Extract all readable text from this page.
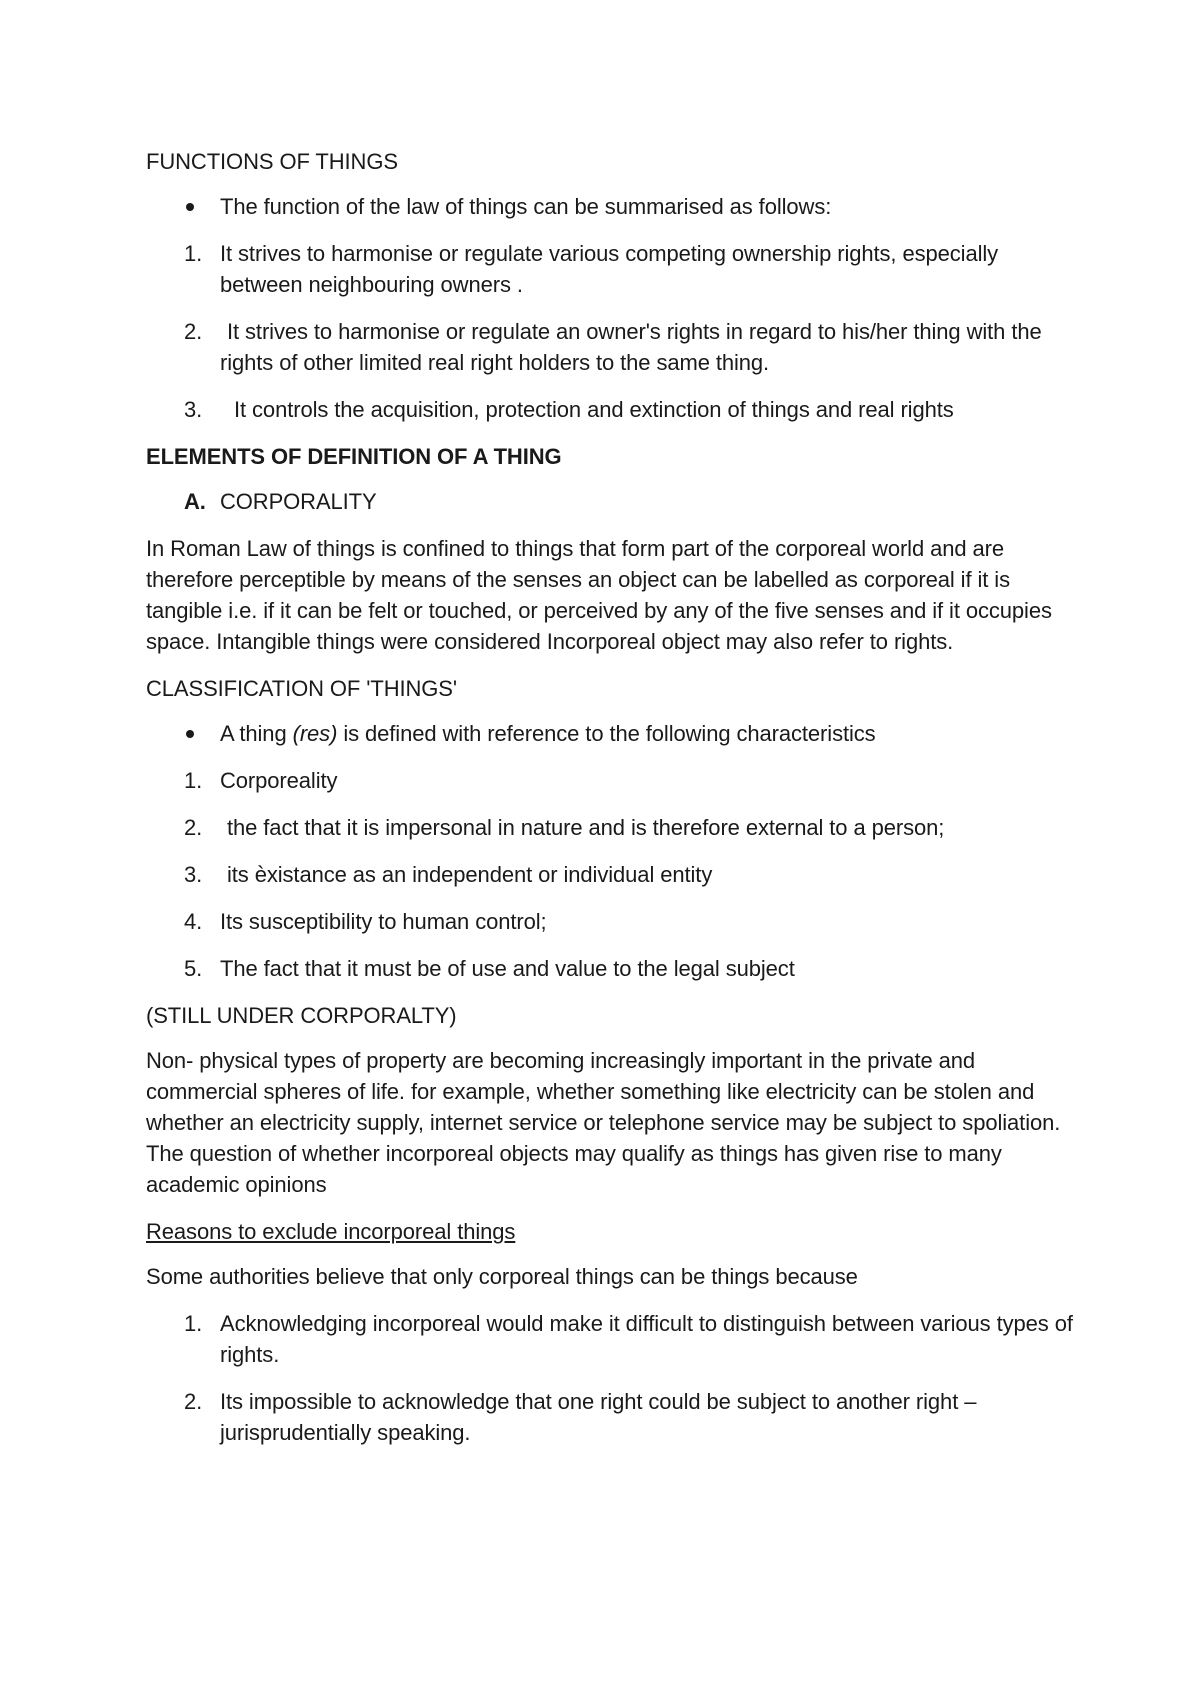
FUNCTIONS OF THINGS

The function of the law of things can be summarised as follows:
1. It strives to harmonise or regulate various competing ownership rights, especially between neighbouring owners .
2. It strives to harmonise or regulate an owner's rights in regard to his/her thing with the rights of other limited real right holders to the same thing.
3. It controls the acquisition, protection and extinction of things and real rights

ELEMENTS OF DEFINITION OF A THING

A. CORPORALITY

In Roman Law of things is confined to things that form part of the corporeal world and are therefore perceptible by means of the senses an object can be labelled as corporeal if it is tangible i.e. if it can be felt or touched, or perceived by any of the five senses and if it occupies space. Intangible things were considered Incorporeal object may also refer to rights.

CLASSIFICATION OF 'THINGS'

A thing (res) is defined with reference to the following characteristics
1. Corporeality
2. the fact that it is impersonal in nature and is therefore external to a person;
3. its èxistance as an independent or individual entity
4. Its susceptibility to human control;
5. The fact that it must be of use and value to the legal subject

(STILL UNDER CORPORALTY)

Non- physical types of property are becoming increasingly important in the private and commercial spheres of life. for example, whether something like electricity can be stolen and whether an electricity supply, internet service or telephone service may be subject to spoliation. The question of whether incorporeal objects may qualify as things has given rise to many academic opinions

Reasons to exclude incorporeal things

Some authorities believe that only corporeal things can be things because

1. Acknowledging incorporeal would make it difficult to distinguish between various types of rights.
2. Its impossible to acknowledge that one right could be subject to another right – jurisprudentially speaking.
